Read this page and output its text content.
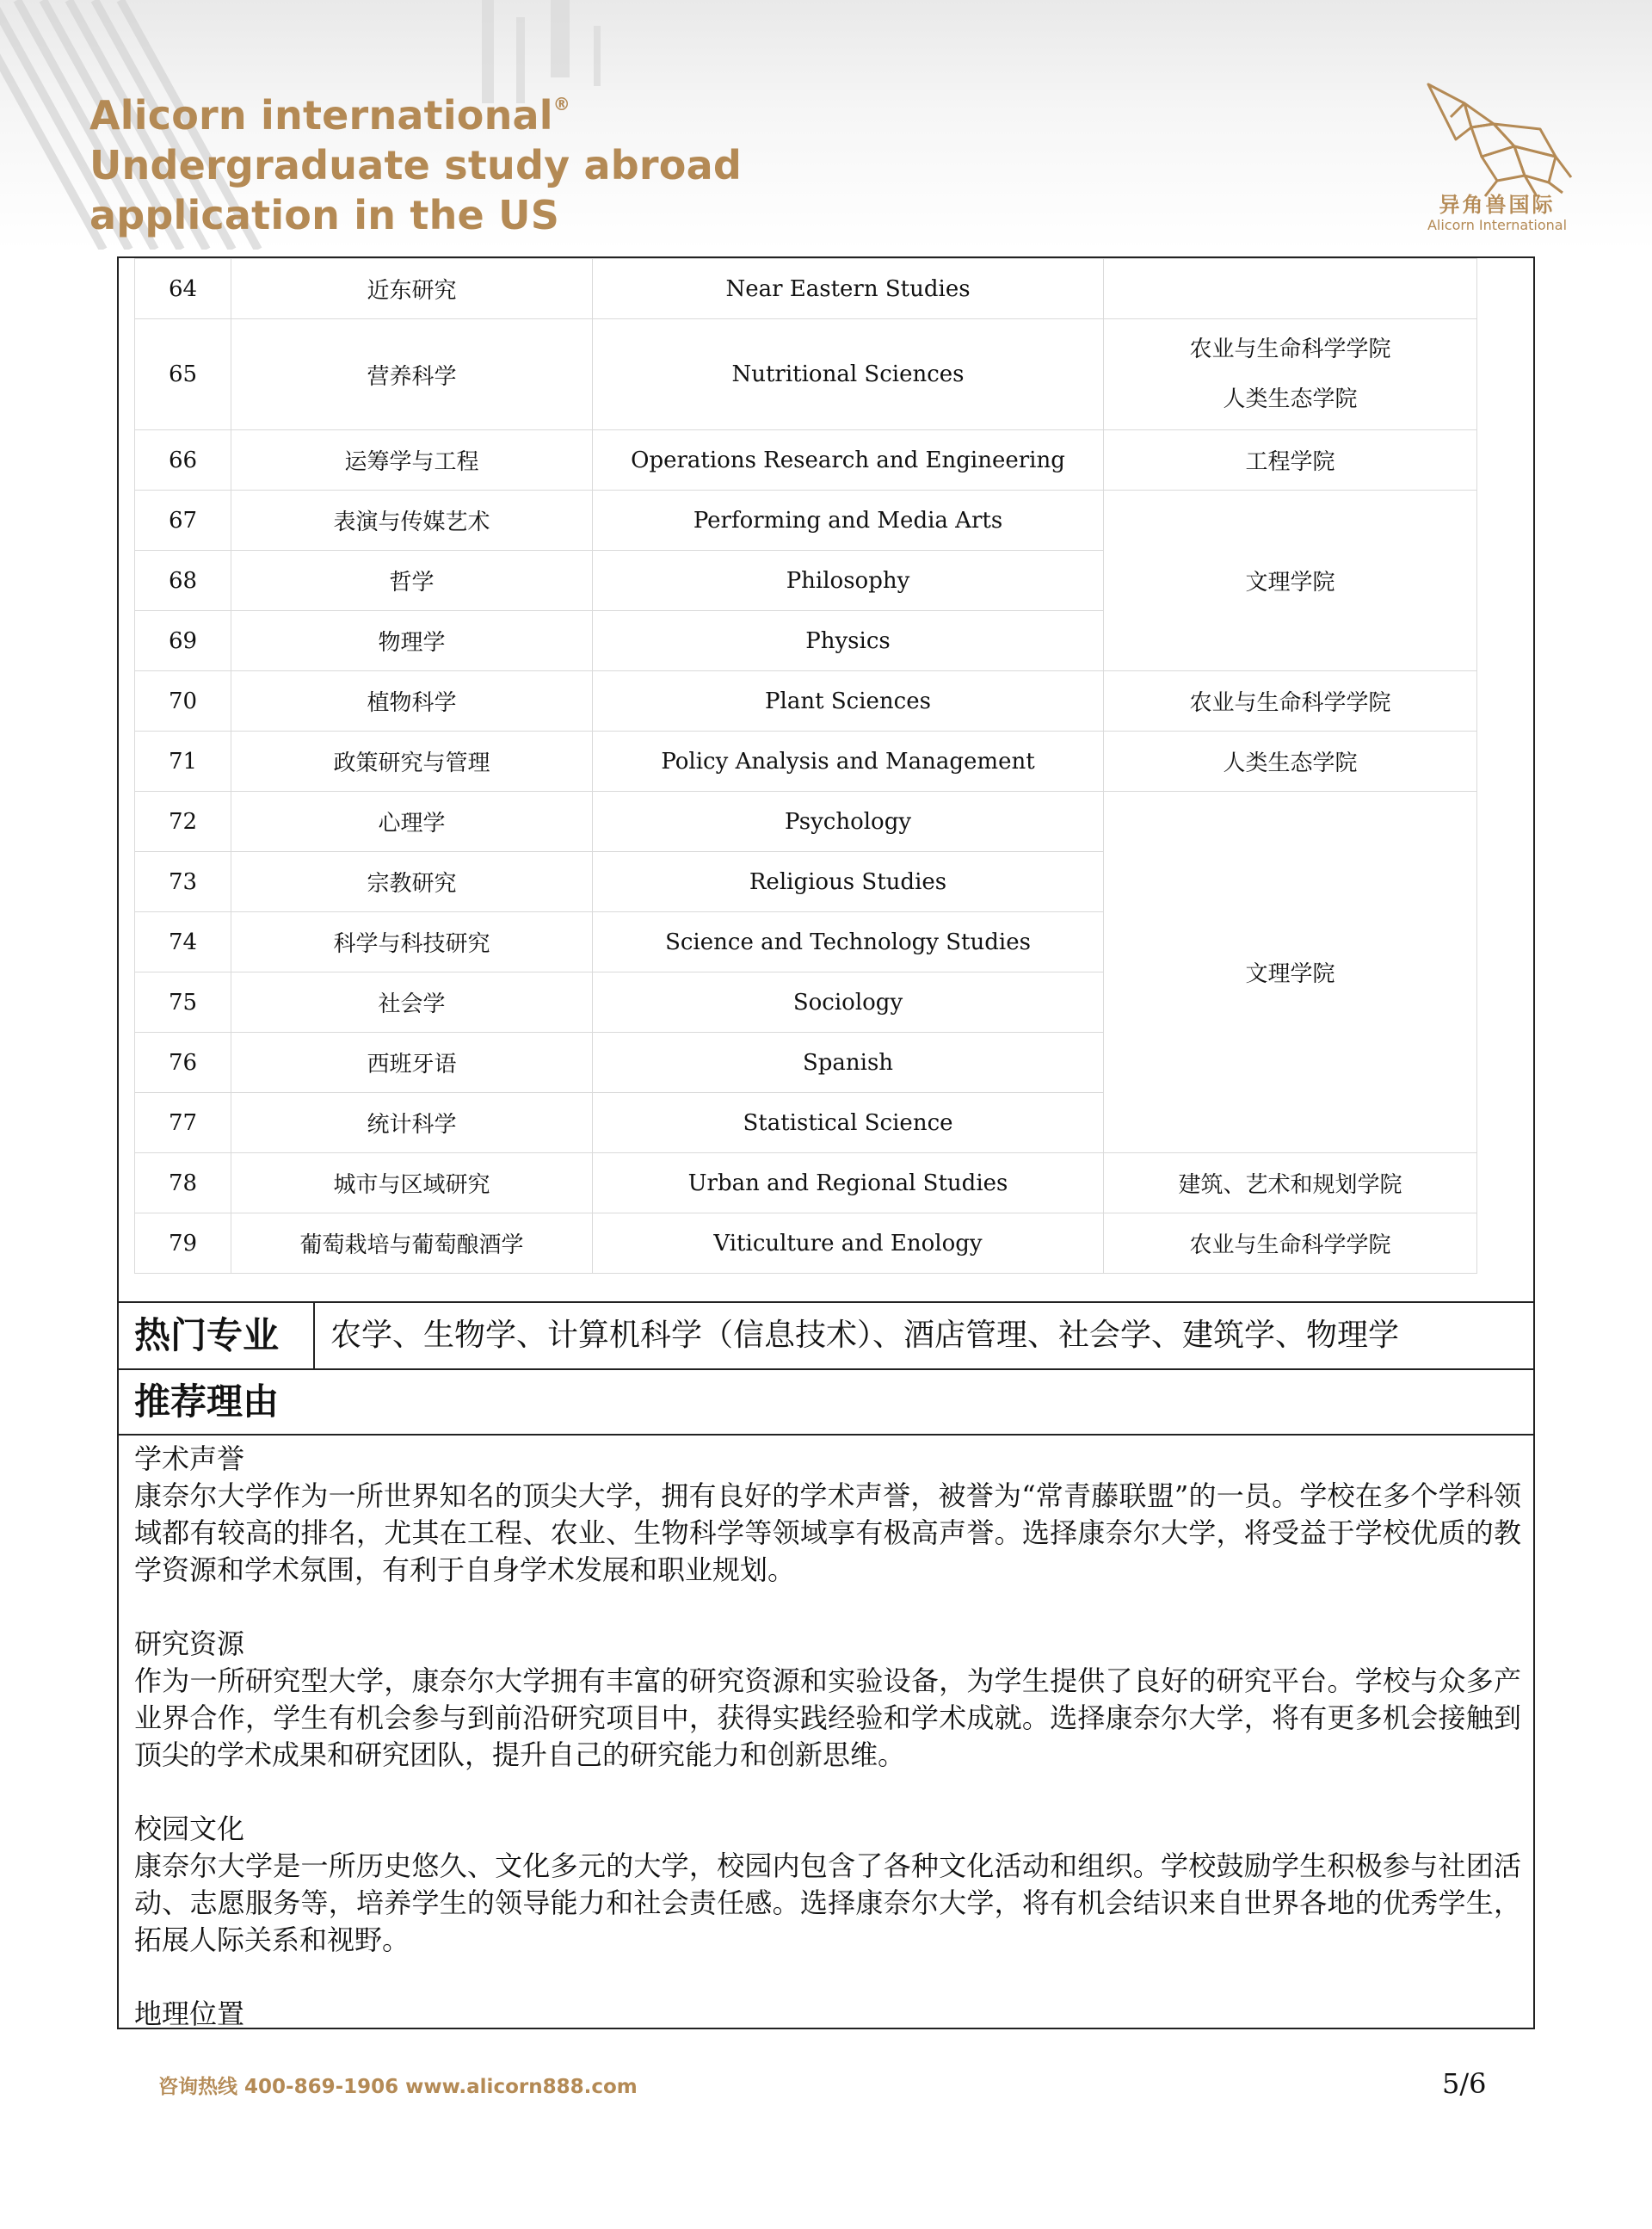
Alicorn international®
Undergraduate study abroad
application in the US	异角兽国际
Alicorn International
64	近东研究	Near Eastern Studies	
65	营养科学	Nutritional Sciences	农业与生命科学学院
人类生态学院

66	运筹学与工程	Operations Research and Engineering	工程学院
67	表演与传媒艺术	Performing and Media Arts	文理学院
68	哲学	Philosophy	
69	物理学	Physics	
70	植物科学	Plant Sciences	农业与生命科学学院
71	政策研究与管理	Policy Analysis and Management	人类生态学院
72	心理学	Psychology	文理学院
73	宗教研究	Religious Studies	
74	科学与科技研究	Science and Technology Studies	
75	社会学	Sociology	
76	西班牙语	Spanish	
77	统计科学	Statistical Science	
78	城市与区域研究	Urban and Regional Studies	建筑、艺术和规划学院
79	葡萄栽培与葡萄酿酒学	Viticulture and Enology	农业与生命科学学院
热门专业 农学、生物学、计算机科学（信息技术）、酒店管理、社会学、建筑学、物理学
推荐理由
学术声誉
康奈尔大学作为一所世界知名的顶尖大学，拥有良好的学术声誉，被誉为“常青藤联盟”的一员。学校在多个学科领域都有较高的排名，尤其在工程、农业、生物科学等领域享有极高声誉。选择康奈尔大学，将受益于学校优质的教学资源和学术氛围，有利于自身学术发展和职业规划。
研究资源
作为一所研究型大学，康奈尔大学拥有丰富的研究资源和实验设备，为学生提供了良好的研究平台。学校与众多产业界合作，学生有机会参与到前沿研究项目中，获得实践经验和学术成就。选择康奈尔大学，将有更多机会接触到顶尖的学术成果和研究团队，提升自己的研究能力和创新思维。
校园文化
康奈尔大学是一所历史悠久、文化多元的大学，校园内包含了各种文化活动和组织。学校鼓励学生积极参与社团活动、志愿服务等，培养学生的领导能力和社会责任感。选择康奈尔大学，将有机会结识来自世界各地的优秀学生，拓展人际关系和视野。
地理位置
咨询热线 400-869-1906 www.alicorn888.com	5/6
